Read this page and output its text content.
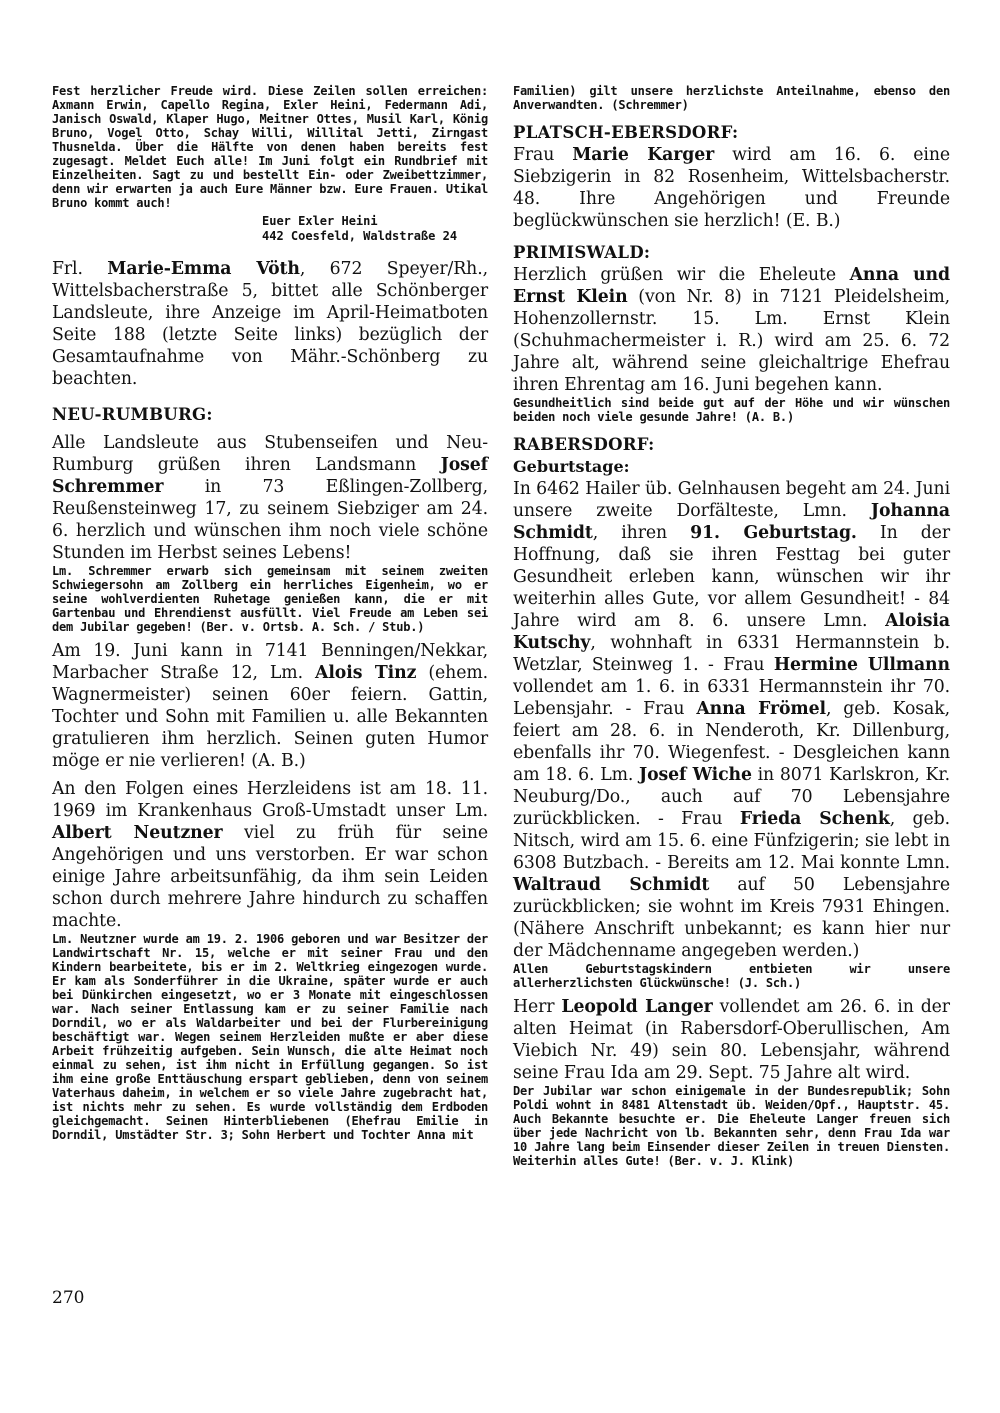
Fest herzlicher Freude wird. Diese Zeilen sollen erreichen: Axmann Erwin, Capello Regina, Exler Heini, Federmann Adi, Janisch Oswald, Klaper Hugo, Meitner Ottes, Musil Karl, König Bruno, Vogel Otto, Schay Willi, Willital Jetti, Zirngast Thusnelda. Über die Hälfte von denen haben bereits fest zugesagt. Meldet Euch alle! Im Juni folgt ein Rundbrief mit Einzelheiten. Sagt zu und bestellt Ein- oder Zweibettzimmer, denn wir erwarten ja auch Eure Männer bzw. Eure Frauen. Utikal Bruno kommt auch!

Euer Exler Heini

442 Coesfeld, Waldstraße 24

Frl. Marie-Emma Vöth, 672 Speyer/Rh., Wittelsbacherstraße 5, bittet alle Schönberger Landsleute, ihre Anzeige im April-Heimatboten Seite 188 (letzte Seite links) bezüglich der Gesamtaufnahme von Mähr.-Schönberg zu beachten.

NEU-RUMBURG:

Alle Landsleute aus Stubenseifen und Neu-Rumburg grüßen ihren Landsmann Josef Schremmer in 73 Eßlingen-Zollberg, Reußensteinweg 17, zu seinem Siebziger am 24. 6. herzlich und wünschen ihm noch viele schöne Stunden im Herbst seines Lebens!

Lm. Schremmer erwarb sich gemeinsam mit seinem zweiten Schwiegersohn am Zollberg ein herrliches Eigenheim, wo er seine wohlverdienten Ruhetage genießen kann, die er mit Gartenbau und Ehrendienst ausfüllt. Viel Freude am Leben sei dem Jubilar gegeben! (Ber. v. Ortsb. A. Sch. / Stub.)

Am 19. Juni kann in 7141 Benningen/Nekkar, Marbacher Straße 12, Lm. Alois Tinz (ehem. Wagnermeister) seinen 60er feiern. Gattin, Tochter und Sohn mit Familien u. alle Bekannten gratulieren ihm herzlich. Seinen guten Humor möge er nie verlieren! (A. B.)

An den Folgen eines Herzleidens ist am 18. 11. 1969 im Krankenhaus Groß-Umstadt unser Lm. Albert Neutzner viel zu früh für seine Angehörigen und uns verstorben. Er war schon einige Jahre arbeitsunfähig, da ihm sein Leiden schon durch mehrere Jahre hindurch zu schaffen machte.

Lm. Neutzner wurde am 19. 2. 1906 geboren und war Besitzer der Landwirtschaft Nr. 15, welche er mit seiner Frau und den Kindern bearbeitete, bis er im 2. Weltkrieg eingezogen wurde. Er kam als Sonderführer in die Ukraine, später wurde er auch bei Dünkirchen eingesetzt, wo er 3 Monate mit eingeschlossen war. Nach seiner Entlassung kam er zu seiner Familie nach Dorndil, wo er als Waldarbeiter und bei der Flurbereinigung beschäftigt war. Wegen seinem Herzleiden mußte er aber diese Arbeit frühzeitig aufgeben. Sein Wunsch, die alte Heimat noch einmal zu sehen, ist ihm nicht in Erfüllung gegangen. So ist ihm eine große Enttäuschung erspart geblieben, denn von seinem Vaterhaus daheim, in welchem er so viele Jahre zugebracht hat, ist nichts mehr zu sehen. Es wurde vollständig dem Erdboden gleichgemacht. Seinen Hinterbliebenen (Ehefrau Emilie in Dorndil, Umstädter Str. 3; Sohn Herbert und Tochter Anna mit

Familien) gilt unsere herzlichste Anteilnahme, ebenso den Anverwandten. (Schremmer)

PLATSCH-EBERSDORF:

Frau Marie Karger wird am 16. 6. eine Siebzigerin in 82 Rosenheim, Wittelsbacherstr. 48. Ihre Angehörigen und Freunde beglückwünschen sie herzlich! (E. B.)

PRIMISWALD:

Herzlich grüßen wir die Eheleute Anna und Ernst Klein (von Nr. 8) in 7121 Pleidelsheim, Hohenzollernstr. 15. Lm. Ernst Klein (Schuhmachermeister i. R.) wird am 25. 6. 72 Jahre alt, während seine gleichaltrige Ehefrau ihren Ehrentag am 16. Juni begehen kann.

Gesundheitlich sind beide gut auf der Höhe und wir wünschen beiden noch viele gesunde Jahre! (A. B.)

RABERSDORF:

Geburtstage:

In 6462 Hailer üb. Gelnhausen begeht am 24. Juni unsere zweite Dorfälteste, Lmn. Johanna Schmidt, ihren 91. Geburtstag. In der Hoffnung, daß sie ihren Festtag bei guter Gesundheit erleben kann, wünschen wir ihr weiterhin alles Gute, vor allem Gesundheit! - 84 Jahre wird am 8. 6. unsere Lmn. Aloisia Kutschy, wohnhaft in 6331 Hermannstein b. Wetzlar, Steinweg 1. - Frau Hermine Ullmann vollendet am 1. 6. in 6331 Hermannstein ihr 70. Lebensjahr. - Frau Anna Frömel, geb. Kosak, feiert am 28. 6. in Nenderoth, Kr. Dillenburg, ebenfalls ihr 70. Wiegenfest. - Desgleichen kann am 18. 6. Lm. Josef Wiche in 8071 Karlskron, Kr. Neuburg/Do., auch auf 70 Lebensjahre zurückblicken. - Frau Frieda Schenk, geb. Nitsch, wird am 15. 6. eine Fünfzigerin; sie lebt in 6308 Butzbach. - Bereits am 12. Mai konnte Lmn. Waltraud Schmidt auf 50 Lebensjahre zurückblicken; sie wohnt im Kreis 7931 Ehingen. (Nähere Anschrift unbekannt; es kann hier nur der Mädchenname angegeben werden.)

Allen Geburtstagskindern entbieten wir unsere allerherzlichsten Glückwünsche! (J. Sch.)

Herr Leopold Langer vollendet am 26. 6. in der alten Heimat (in Rabersdorf-Oberullischen, Am Viebich Nr. 49) sein 80. Lebensjahr, während seine Frau Ida am 29. Sept. 75 Jahre alt wird.

Der Jubilar war schon einigemale in der Bundesrepublik; Sohn Poldi wohnt in 8481 Altenstadt üb. Weiden/Opf., Hauptstr. 45. Auch Bekannte besuchte er. Die Eheleute Langer freuen sich über jede Nachricht von lb. Bekannten sehr, denn Frau Ida war 10 Jahre lang beim Einsender dieser Zeilen in treuen Diensten. Weiterhin alles Gute! (Ber. v. J. Klink)

270
